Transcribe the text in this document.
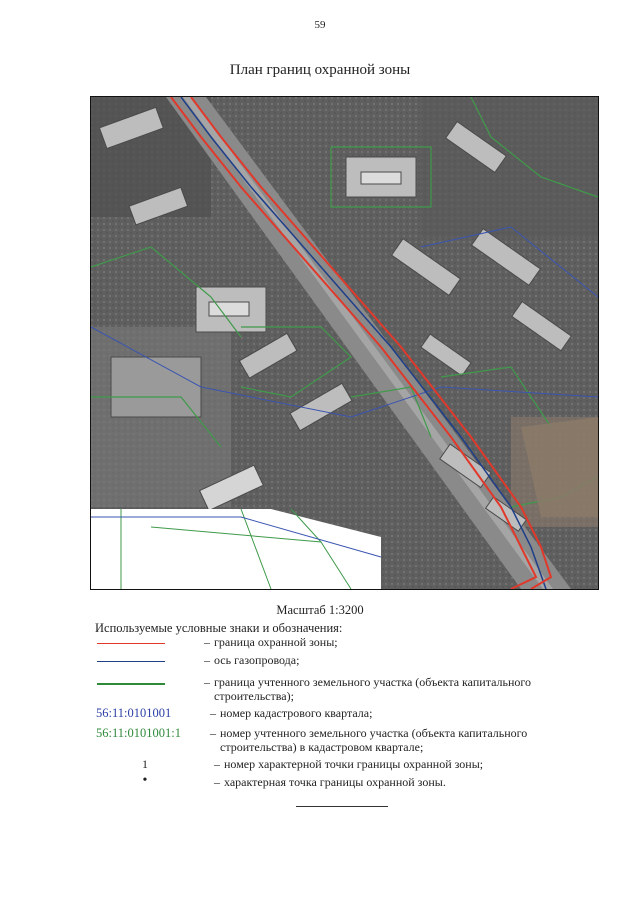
59
План границ охранной зоны
Масштаб 1:3200
Используемые условные знаки и обозначения:
– граница охранной зоны;
– ось газопровода;
– граница учтенного земельного участка (объекта капитального строительства);
56:11:0101001	– номер кадастрового квартала;
56:11:0101001:1	– номер учтенного земельного участка (объекта капитального строительства) в кадастровом квартале;
1	– номер характерной точки границы охранной зоны;
•	– характерная точка границы охранной зоны.
